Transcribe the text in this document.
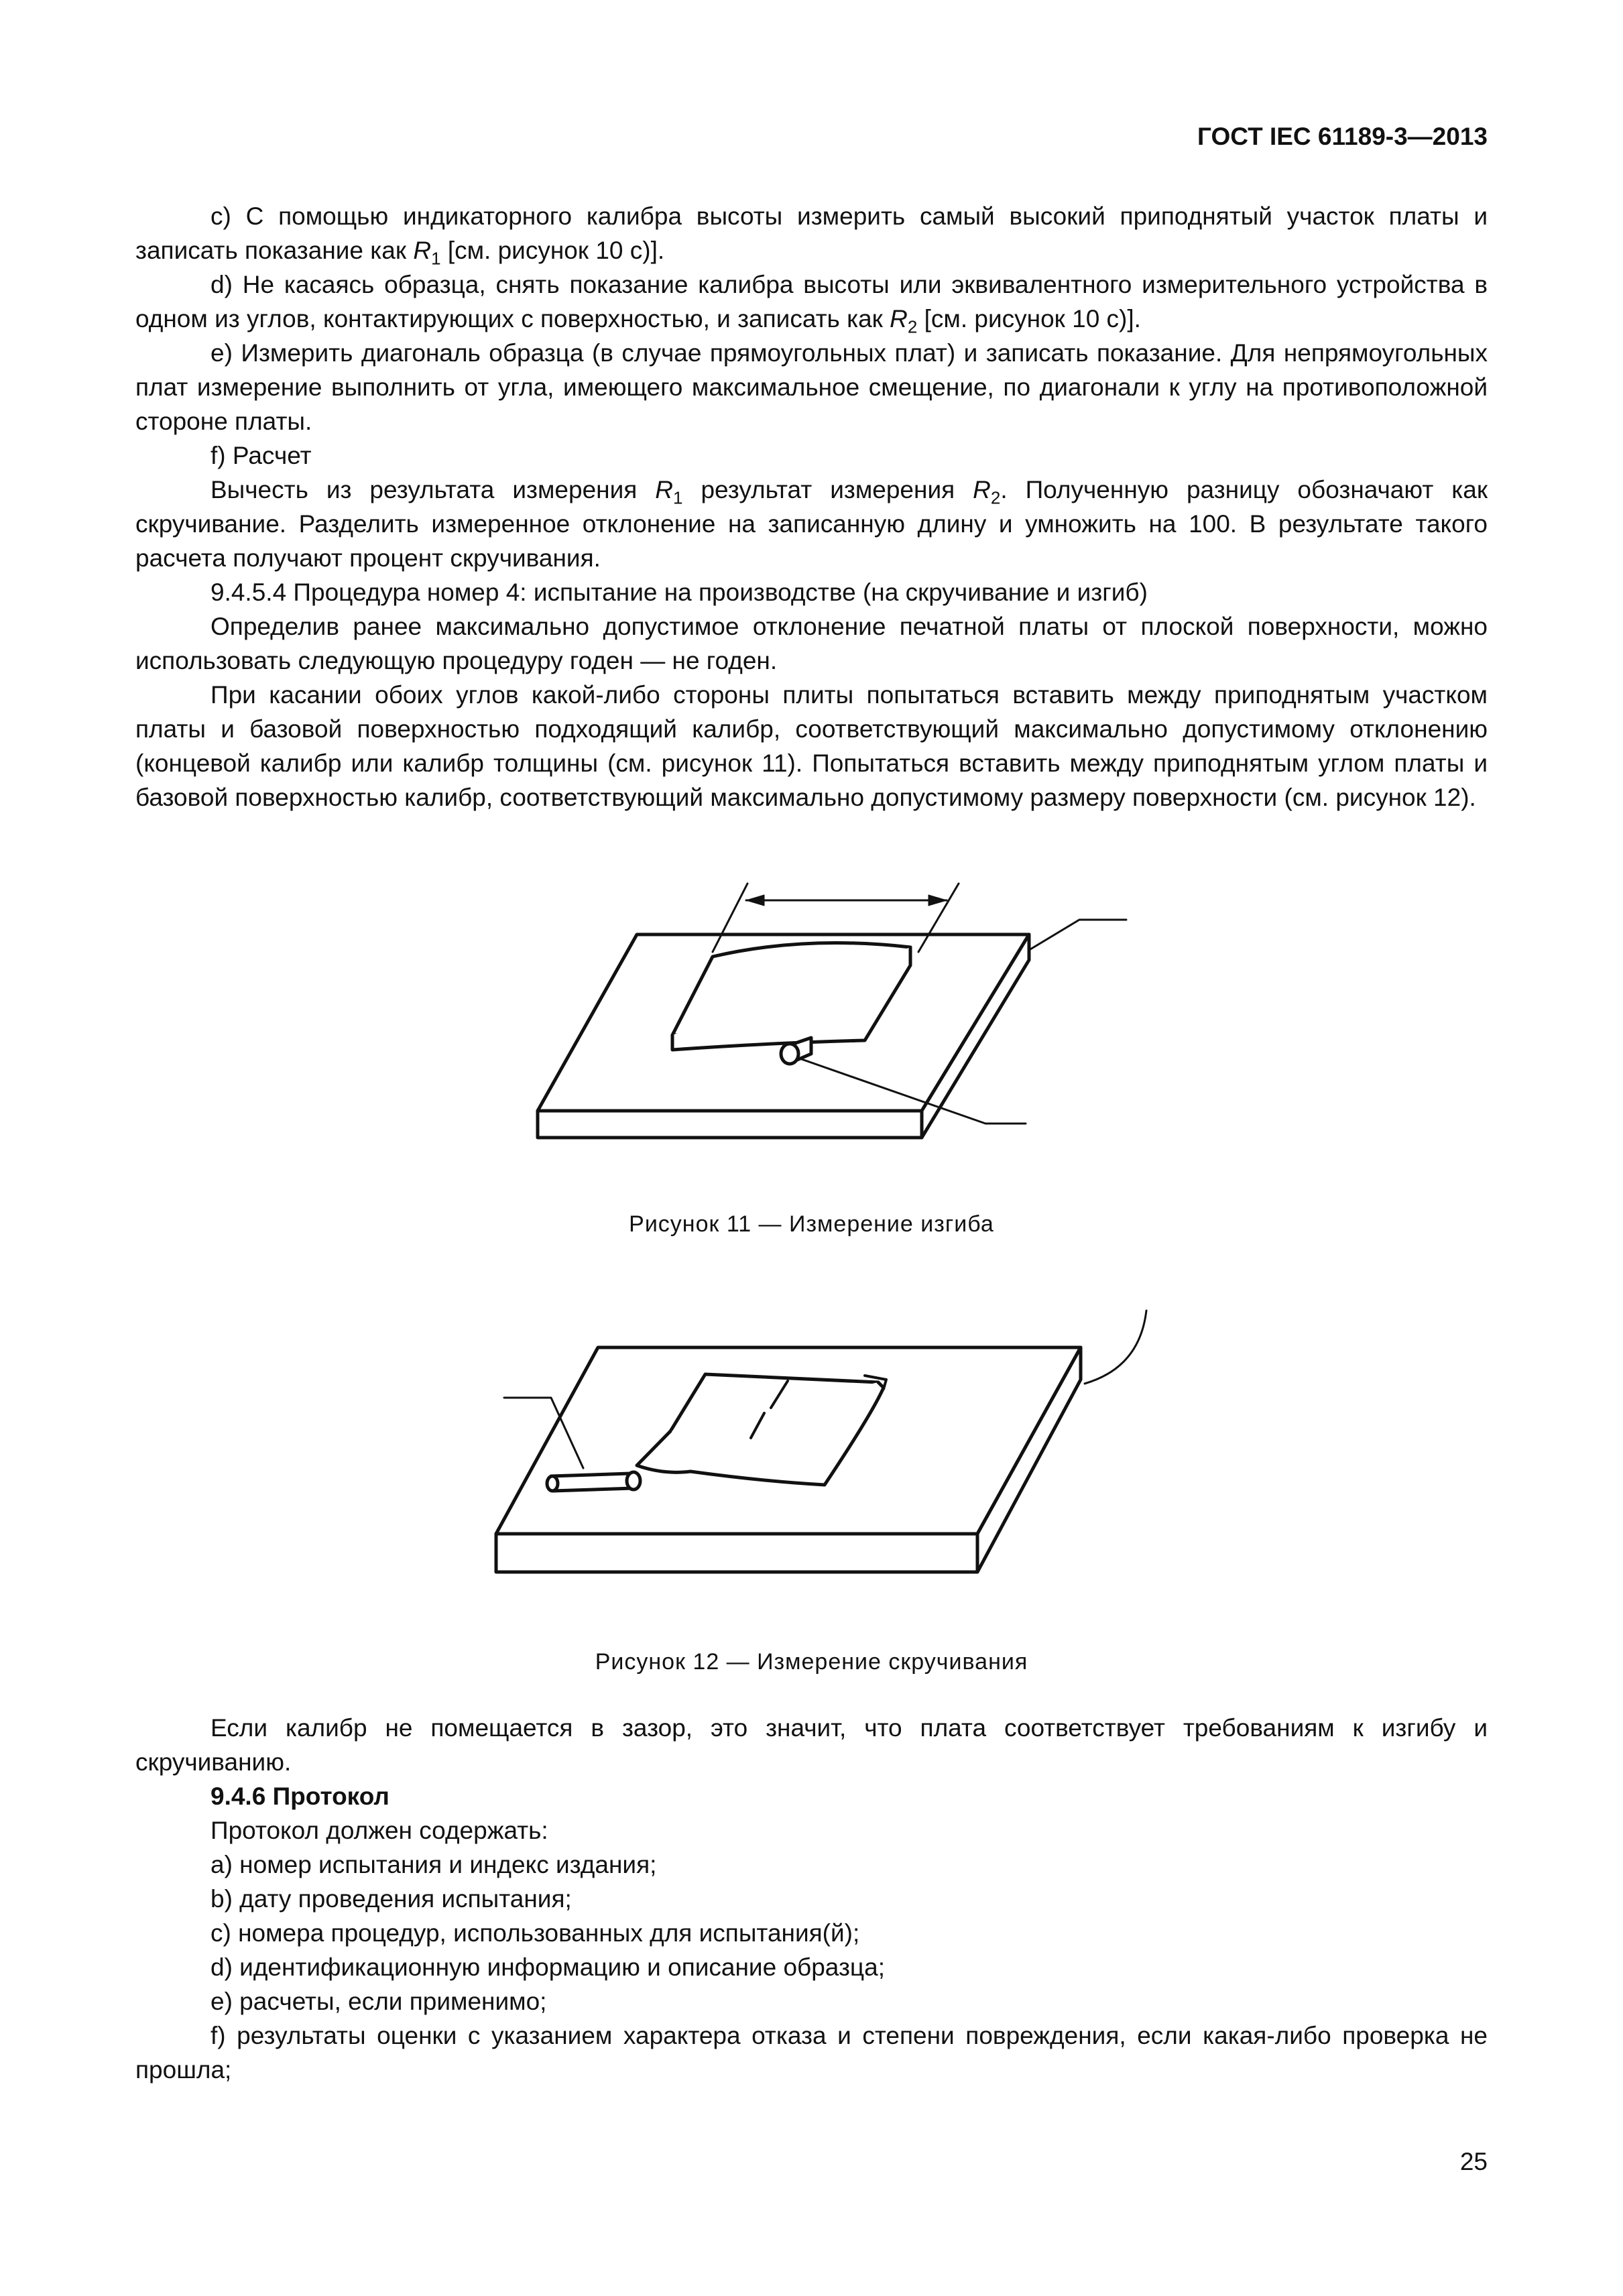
ГОСТ IEC 61189-3—2013

с) С помощью индикаторного калибра высоты измерить самый высокий приподнятый участок платы и записать показание как $R_1$ [см. рисунок 10 с)].

d) Не касаясь образца, снять показание калибра высоты или эквивалентного измерительного устройства в одном из углов, контактирующих с поверхностью, и записать как $R_2$ [см. рисунок 10 с)].

е) Измерить диагональ образца (в случае прямоугольных плат) и записать показание. Для непрямоугольных плат измерение выполнить от угла, имеющего максимальное смещение, по диагонали к углу на противоположной стороне платы.

f) Расчет

Вычесть из результата измерения $R_1$ результат измерения $R_2$. Полученную разницу обозначают как скручивание. Разделить измеренное отклонение на записанную длину и умножить на 100. В результате такого расчета получают процент скручивания.

9.4.5.4 Процедура номер 4: испытание на производстве (на скручивание и изгиб)

Определив ранее максимально допустимое отклонение печатной платы от плоской поверхности, можно использовать следующую процедуру годен — не годен.

При касании обоих углов какой-либо стороны плиты попытаться вставить между приподнятым участком платы и базовой поверхностью подходящий калибр, соответствующий максимально допустимому отклонению (концевой калибр или калибр толщины (см. рисунок 11). Попытаться вставить между приподнятым углом платы и базовой поверхностью калибр, соответствующий максимально допустимому размеру поверхности (см. рисунок 12).

Рисунок 11 — Измерение изгиба
Рисунок 12 — Измерение скручивания

Если калибр не помещается в зазор, это значит, что плата соответствует требованиям к изгибу и скручиванию.

9.4.6 Протокол

Протокол должен содержать:

а) номер испытания и индекс издания;

b) дату проведения испытания;

с) номера процедур, использованных для испытания(й);

d) идентификационную информацию и описание образца;

е) расчеты, если применимо;

f) результаты оценки с указанием характера отказа и степени повреждения, если какая-либо проверка не прошла;

25
